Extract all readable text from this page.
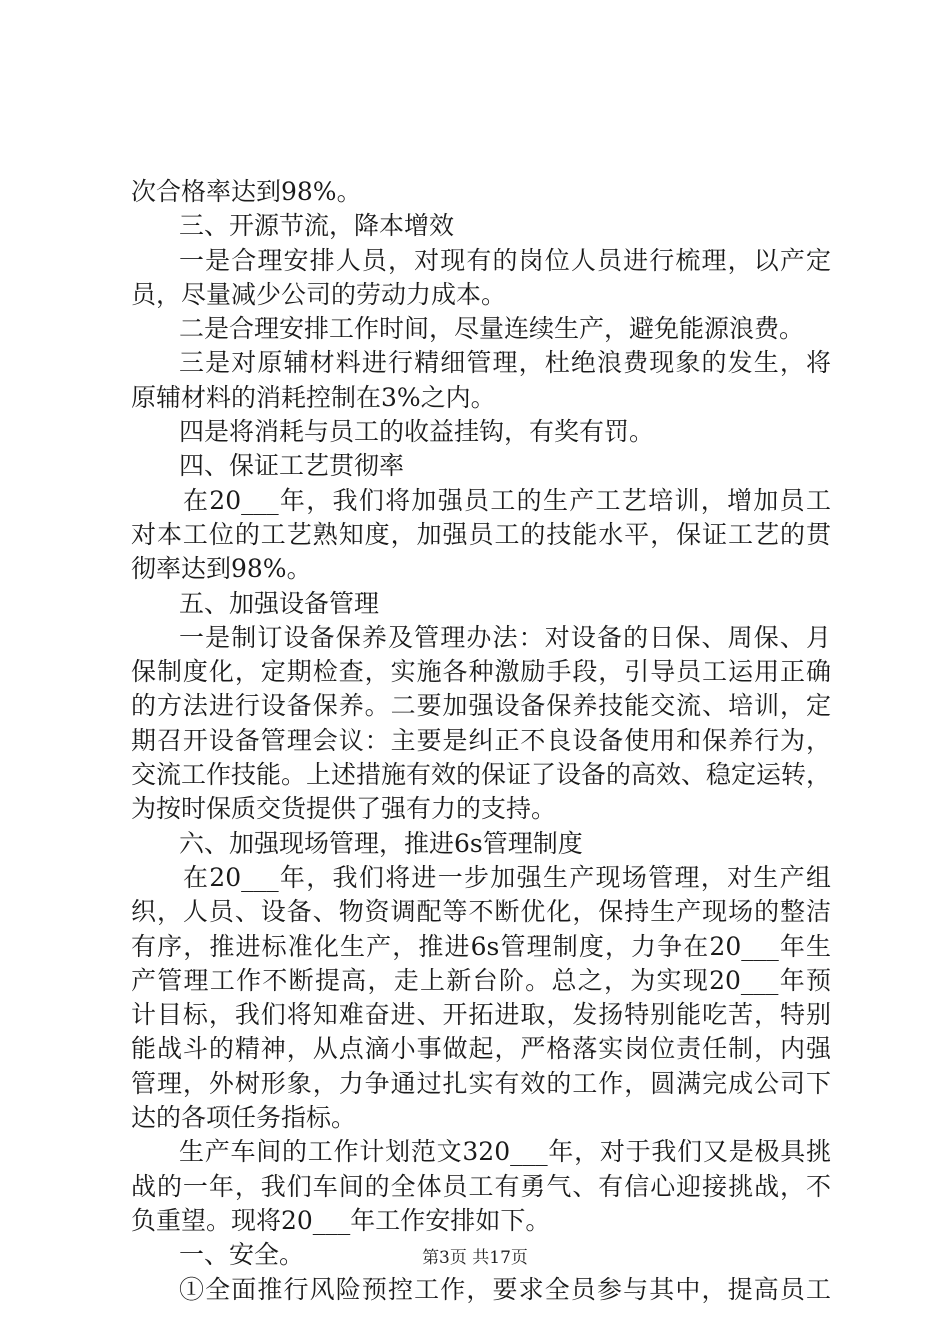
次合格率达到98%。
三、开源节流，降本增效
一是合理安排人员，对现有的岗位人员进行梳理，以产定
员，尽量减少公司的劳动力成本。
二是合理安排工作时间，尽量连续生产，避免能源浪费。
三是对原辅材料进行精细管理，杜绝浪费现象的发生，将
原辅材料的消耗控制在3%之内。
四是将消耗与员工的收益挂钩，有奖有罚。
四、保证工艺贯彻率
在20___年，我们将加强员工的生产工艺培训，增加员工
对本工位的工艺熟知度，加强员工的技能水平，保证工艺的贯
彻率达到98%。
五、加强设备管理
一是制订设备保养及管理办法：对设备的日保、周保、月
保制度化，定期检查，实施各种激励手段，引导员工运用正确
的方法进行设备保养。二要加强设备保养技能交流、培训，定
期召开设备管理会议：主要是纠正不良设备使用和保养行为，
交流工作技能。上述措施有效的保证了设备的高效、稳定运转，
为按时保质交货提供了强有力的支持。
六、加强现场管理，推进6s管理制度
在20___年，我们将进一步加强生产现场管理，对生产组
织，人员、设备、物资调配等不断优化，保持生产现场的整洁
有序，推进标准化生产，推进6s管理制度，力争在20___年生
产管理工作不断提高，走上新台阶。总之，为实现20___年预
计目标，我们将知难奋进、开拓进取，发扬特别能吃苦，特别
能战斗的精神，从点滴小事做起，严格落实岗位责任制，内强
管理，外树形象，力争通过扎实有效的工作，圆满完成公司下
达的各项任务指标。
生产车间的工作计划范文320___年，对于我们又是极具挑
战的一年，我们车间的全体员工有勇气、有信心迎接挑战，不
负重望。现将20___年工作安排如下。
一、安全。
①全面推行风险预控工作，要求全员参与其中，提高员工
第3页 共17页
